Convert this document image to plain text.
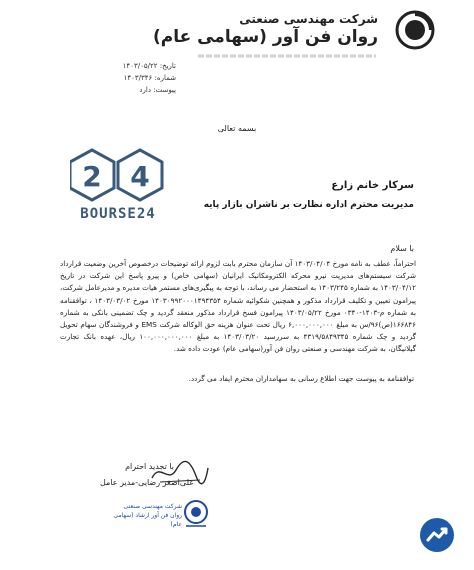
شرکت مهندسی صنعتی
روان فن آور (سهامی عام)
تاریخ: ۱۴۰۳/۰۵/۲۲
شماره: ۱۴۰۳/۳۴۶
پیوست: دارد
بسمه تعالی
2 4
BOURSE24
سرکار خانم زارع
مدیریت محترم اداره نظارت بر ناشران بازار پایه
با سلام

احتراماً، عطف به نامه مورخ ۱۴۰۳/۰۴/۰۴ آن سازمان محترم بابت لزوم ارائه توضیحات درخصوص آخرین وضعیت قرارداد شرکت سیستم‌های مدیریت نیرو محرکه الکترومکانیک ایرانیان (سهامی خاص) و پیرو پاسخ این شرکت در تاریخ ۱۴۰۳/۰۴/۱۲ به شماره ۱۴۰۳/۲۴۵ به استحضار می رساند، با توجه به پیگیری‌های مستمر هیات مدیره و مدیرعامل شرکت، پیرامون تعیین و تکلیف قرارداد مذکور و همچنین شکوائیه شماره ۱۴۰۳۰۹۹۲۰۰۰۱۴۹۴۳۵۴ مورخ ۱۴۰۳/۰۳/۰۲ ، توافقنامه به شماره م-۱۴۰۳-۰۳۴۰ مورخ ۱۴۰۳/۰۵/۲۲ پیرامون فسخ قرارداد مذکور منعقد گردید و چک تضمینی بانکی به شماره ۱۶۶۸۴۶(ص)۹۶/س به مبلغ ۶,۰۰۰,۰۰۰,۰۰۰ ریال تحت عنوان هزینه حق الوکاله شرکت EMS و فروشندگان سهام تحویل گردید و چک شماره ۴۳۱۹/۵۸۴۹۳۴۵ به سررسید ۱۴۰۳/۰۳/۲۰ به مبلغ ۱۰۰,۰۰۰,۰۰۰,۰۰۰ ریال، عهده بانک تجارت گیلانیگان، به شرکت مهندسی و صنعتی روان فن آور(سهامی عام) عودت داده شد.

توافقنامه به پیوست جهت اطلاع رسانی به سهامداران محترم ایفاد می گردد.
با تجدید احترام
علی‌اصغر رضایی-مدیر عامل
شرکت مهندسی صنعتی
روان فن آور ارشاد (سهامی عام)
